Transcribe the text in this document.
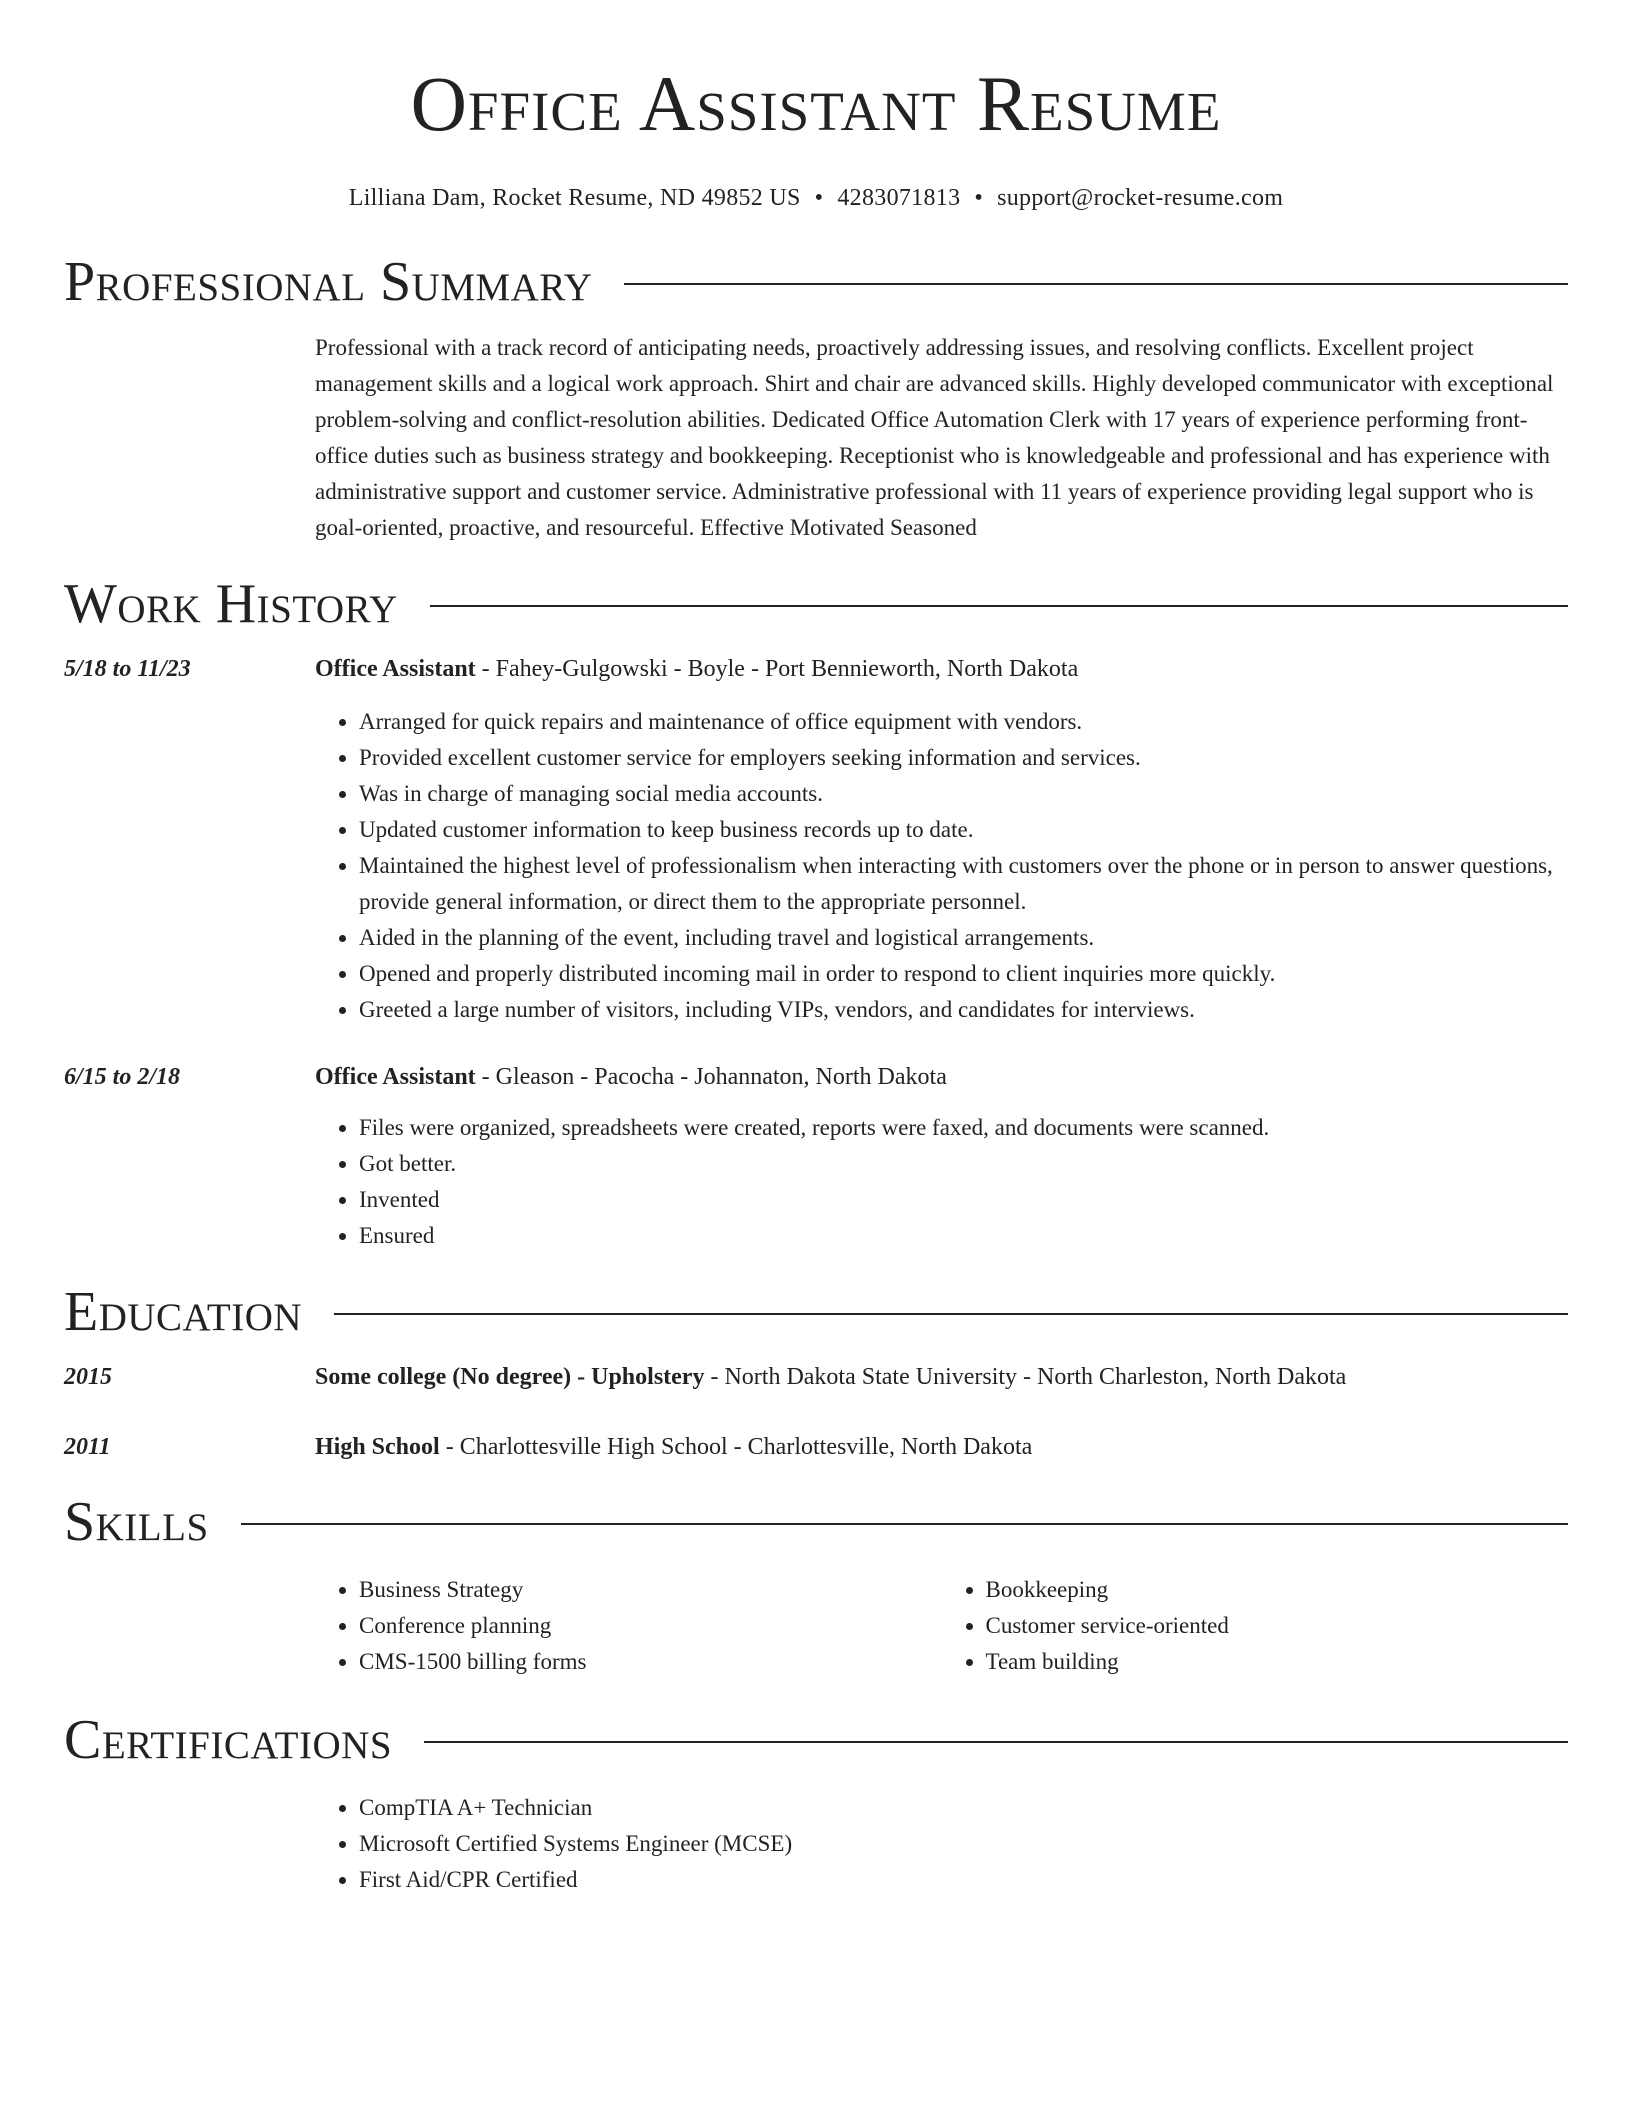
Office Assistant Resume
Lilliana Dam, Rocket Resume, ND 49852 US • 4283071813 • support@rocket-resume.com
Professional Summary

Professional with a track record of anticipating needs, proactively addressing issues, and resolving conflicts. Excellent project management skills and a logical work approach. Shirt and chair are advanced skills. Highly developed communicator with exceptional problem-solving and conflict-resolution abilities. Dedicated Office Automation Clerk with 17 years of experience performing front-office duties such as business strategy and bookkeeping. Receptionist who is knowledgeable and professional and has experience with administrative support and customer service. Administrative professional with 11 years of experience providing legal support who is goal-oriented, proactive, and resourceful. Effective Motivated Seasoned

Work History
5/18 to 11/23	Office Assistant - Fahey-Gulgowski - Boyle - Port Bennieworth, North Dakota
• Arranged for quick repairs and maintenance of office equipment with vendors.
• Provided excellent customer service for employers seeking information and services.
• Was in charge of managing social media accounts.
• Updated customer information to keep business records up to date.
• Maintained the highest level of professionalism when interacting with customers over the phone or in person to answer questions, provide general information, or direct them to the appropriate personnel.
• Aided in the planning of the event, including travel and logistical arrangements.
• Opened and properly distributed incoming mail in order to respond to client inquiries more quickly.
• Greeted a large number of visitors, including VIPs, vendors, and candidates for interviews.
6/15 to 2/18	Office Assistant - Gleason - Pacocha - Johannaton, North Dakota
• Files were organized, spreadsheets were created, reports were faxed, and documents were scanned.
• Got better.
• Invented
• Ensured
Education
2015	Some college (No degree) - Upholstery - North Dakota State University - North Charleston, North Dakota
2011	High School - Charlottesville High School - Charlottesville, North Dakota
Skills
• Business Strategy
• Conference planning
• CMS-1500 billing forms
• Bookkeeping
• Customer service-oriented
• Team building
Certifications
• CompTIA A+ Technician
• Microsoft Certified Systems Engineer (MCSE)
• First Aid/CPR Certified
